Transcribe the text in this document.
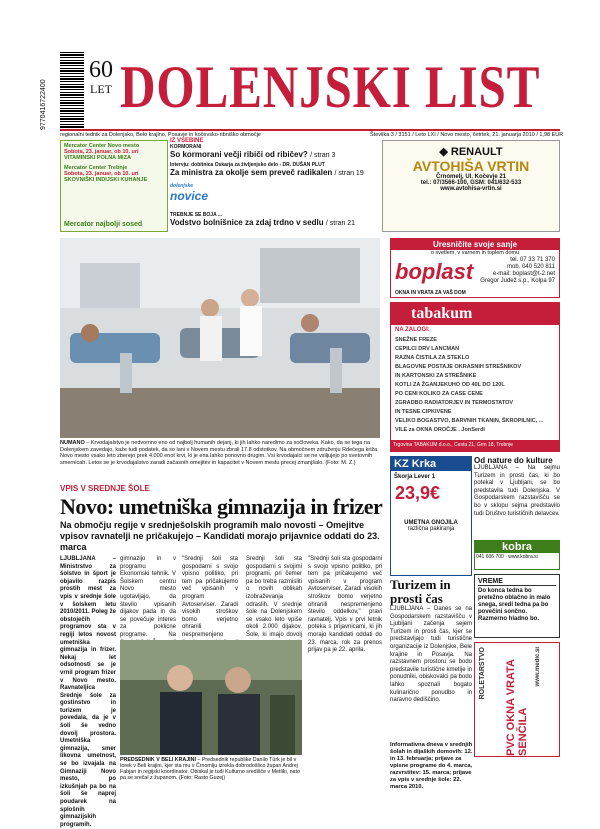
9770416722400
60
LET DOLENJSKI LIST
regionalni tednik za Dolenjsko, Belo krajino, Posavje in kočevsko-ribniško območje	Številka 3 / 3151 / Leto LXI / Novo mesto, četrtek, 21. januarja 2010 / 1,98 EUR
Mercator Center Novo mesto
Sobota, 23. januar, ob 10. uri
VITAMINSKI POLNA MIZA
Mercator Center Trebnje
Sobota, 23. januar, ob 10. uri
SKOVNIŠKI INDIJSKI KUHANJE
Mercator najbolji sosed
IZ VSEBINE
KORMORANI
So kormorani večji ribiči od ribičev? / stran 3
Intervju: dobitnica Oskarja za življenjsko delo - DR. DUŠAN PLUT
Za ministra za okolje sem preveč radikalen / stran 19
dolenjske
novice
TREBNJE SE BOJA ...
Vodstvo bolnišnice za zdaj trdno v sedlu / stran 21
◆ RENAULT
AVTOHIŠA VRTIN
Črnomelj, Ul. Kočevje 21
tel.: 07/3566-100, GSM: 041/632-533
www.avtohisa-vrtin.si
NUMANO – Krvodajalstvo je nedvomno eno od najbolj humanih dejanj, ki jih lahko naredimo za sočloveka. Kako, da se tega na Dolenjskem zavedajo, kaže tudi podatek, da so lani v Novem mestu zbrali 17.8 odstotkov. Na območnem združenju Rdečega križa Novo mesto vsako leto zberejo prek 4.000 enot krvi, ki je ena lahko ponovno drugim. Vsi krvodajalci se ne vsiljujejo po svetovnih smernicah. Letos se je krvodajalstvo zaradi začasnih omejitev in kapacitet v Novem mestu precej zmanjšalo. (Foto: M. Z.)
Uresničite svoje sanje
o svetlem, v varnem in toplem domu
boplast	tel. 07 33 71 370
mob. 040 520 811
e-mail: boplast@t-2.net
Gregor Judež s.p., Kolpa 97
OKNA IN VRATA ZA VAŠ DOM
tabakum
NA ZALOGI:
SNEŽNE FREZE
CEPILCI DRV LANCMAN
RAZNA ČISTILA ZA STEKLO
BLAGOVNE POSTAJE OKRASNIH STREŠNIKOV
IN KARTONSKI ZA STREŠNIKE
KOTLI ZA ŽGANJEKUHO OD 40L DO 120L
PO CENI KOLIKO ZA CASE CENE
ZGRADBO RADIATORJEV IN TERMOSTATOV
IN TESNE CIPKIVENE
VELIKO BOGASTVO, BARVNIH TKANIN, ŠKROPILNIC, ...
VILE za OKNA OROČJE . JonSerdl
Trgovina TABAKUM d.o.o., Cesta 21, Grm 18, Trebnje
VPIS V SREDNJE ŠOLE
Novo: umetniška gimnazija in frizer
Na območju regije v srednješolskih programih malo novosti – Omejitve vpisov ravnatelji ne pričakujejo – Kandidati morajo prijavnice oddati do 23. marca
LJUBLJANA – Ministrstvo za šolstvo in šport je objavilo razpis prostih mest za vpis v srednje šole v šolskem letu 2010/2011. Poleg že obstoječih programov sta v regiji letos novost umetniška gimnazija in frizer. Nekaj let odsotnosti se je vrnil program frizer v Novo mesto. Ravnateljica Srednje šole za gostinstvo in turizem je povedala, da je v šoli še vedno dovolj prostora. Umetniška gimnazija, smer likovna umetnost, se bo izvajala na Gimnaziji Novo mesto, po izkušnjah pa bo na šoli še naprej poudarek na splošnih gimnazijskih programih.
gimnazijo in v programu Ekonomski tehnik. V Šolskem centru Novo mesto ugotavljajo, da število vpisanih dijakov pada in da se povečuje interes za poklicne programe. Na
"Srednji šoli sta gospodarni s svojo vpisno politiko, pri tem pa pričakujemo več vpisanih v program Avtoserviser. Zaradi visokih stroškov bomo verjetno ohranili nespremenjeno
Srednji šoli sta gospodarni s svojimi programi, pri čemer pa bo treba razmisliti o novih oblikah izobraževanja odraslih. V srednje šole na Dolenjskem se vsako leto vpiše okoli 2.000 dijakov. Šole, ki imajo dovolj
"Srednji šoli sta gospodarni s svojo vpisno politiko, pri tem pa pričakujemo več vpisanih v program Avtoserviser. Zaradi visokih stroškov bomo verjetno ohranili nespremenjeno število oddelkov," pravi ravnatelj. Vpis v prvi letnik poteka s prijavnicami, ki jih morajo kandidati oddati do 23. marca, rok za prenos prijav pa je 22. aprila.
PREDSEDNIK V BELI KRAJINI – Predsednik republike Danilo Türk je bil v torek v Beli krajini, kjer sta mu v Črnomlju izrekla dobrodošlico župan Andrej Fabjan in regijski koordinator. Obiskal je tudi Kulturno središče v Metliki, nato pa se srečal z županom. (Foto: Rasto Guzej)
KZ Krka
Škorja Lever 1
23,9€
UMETNA GNOJILA
različna pakiranja
Od nature do kulture
LJUBLJANA – Na sejmu Turizem in prosti čas, ki bo potekal v Ljubljani, se bo predstavila tudi Dolenjska. V Gospodarskem razstavišču se bo v sklopu sejma predstavilo tudi Društvo turističnih delavcev.
kobra
041 606 700 · www.kobra.si
Turizem in prosti čas
LJUBLJANA – Danes se na Gospodarskem razstavišču v Ljubljani začenja sejem Turizem in prosti čas, kjer se predstavljajo tudi turistične organizacije iz Dolenjske, Bele krajine in Posavja. Na razstavnem prostoru se bodo predstavile turistične kmetije in ponudniki, obiskovalci pa bodo lahko spoznali bogato kulinarično ponudbo in naravno dediščino.
VREME
Do konca tedna bo pretežno oblačno in malo snega, sredi tedna pa bo povečini sončno. Razmerno hladno bo.
ROLETARSTVO PVC OKNA VRATA SENČILA
www.medic.si
Informativna dneva v srednjih šolah in dijaških domovih: 12. in 13. februarja; prijave za vpisne programe do 4. marca, razvrstitev: 15. marca; prijave za vpis v srednje šole: 22. marca 2010.
